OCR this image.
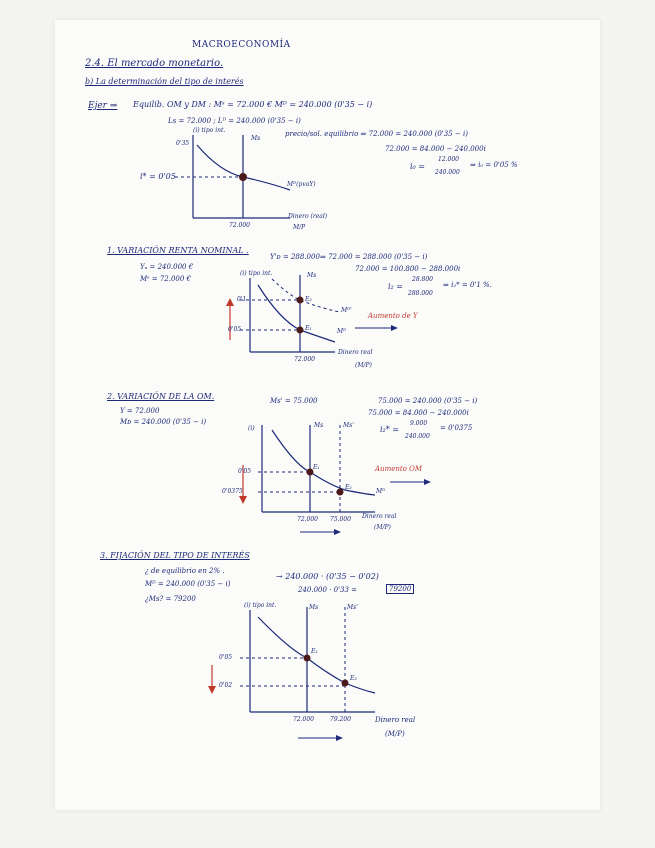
MACROECONOMÍA
2.4. El mercado monetario.
b) La determinación del tipo de interés
Ejer ⇒ Equilib. OM y DM : Mˢ = 72.000 € Mᴰ = 240.000 (0'35 − i)
Ls = 72.000 ; Lᴰ = 240.000 (0'35 − i)
precio/sol. equilibrio ⇒ 72.000 = 240.000 (0'35 − i)
72.000 = 84.000 − 240.000i
i₀ =
12.000
240.000
⇒ i₀ = 0'05 %
(i) tipo int.
0'35
Ms
i* = 0'05
Mᴰ(pvaY)
72.000
Dinero (real)
M/P
1. VARIACIÓN RENTA NOMINAL .
Yₐ = 240.000 €
Mˢ = 72.000 €
Y'ᴅ = 288.000 ⇒ 72.000 = 288.000 (0'35 − i)
72.000 = 100.800 − 288.000i
i₂ =
28.800
288.000
⇒ i₂* = 0'1 %.
(i) tipo int.	Ms
0'1
0'05
E₂
E₁
Mᴰ'
Mᴰ
72.000
Dinero real
(M/P)
Aumento de Y
2. VARIACIÓN DE LA OM.
Y = 72.000
Mᴅ = 240.000 (0'35 − i)
Ms' = 75.000	75.000 = 240.000 (0'35 − i)
75.000 = 84.000 − 240.000i
i₂* =
9.000
240.000
= 0'0375
(i)	Ms	Ms'
0'05
0'0375
E₁
E₂
Mᴰ
72.000 75.000 Dinero real
(M/P)
Aumento OM
3. FIJACIÓN DEL TIPO DE INTERÉS
¿ de equilibrio en 2% .
Mᴰ = 240.000 (0'35 − i)
¿Ms? = 79200
→ 240.000 · (0'35 − 0'02)
240.000 · 0'33 =	79200
(i) tipo int.	Ms	Ms'
0'05
0'02
E₁
E₂
72.000	79.200	Dinero real
(M/P)
